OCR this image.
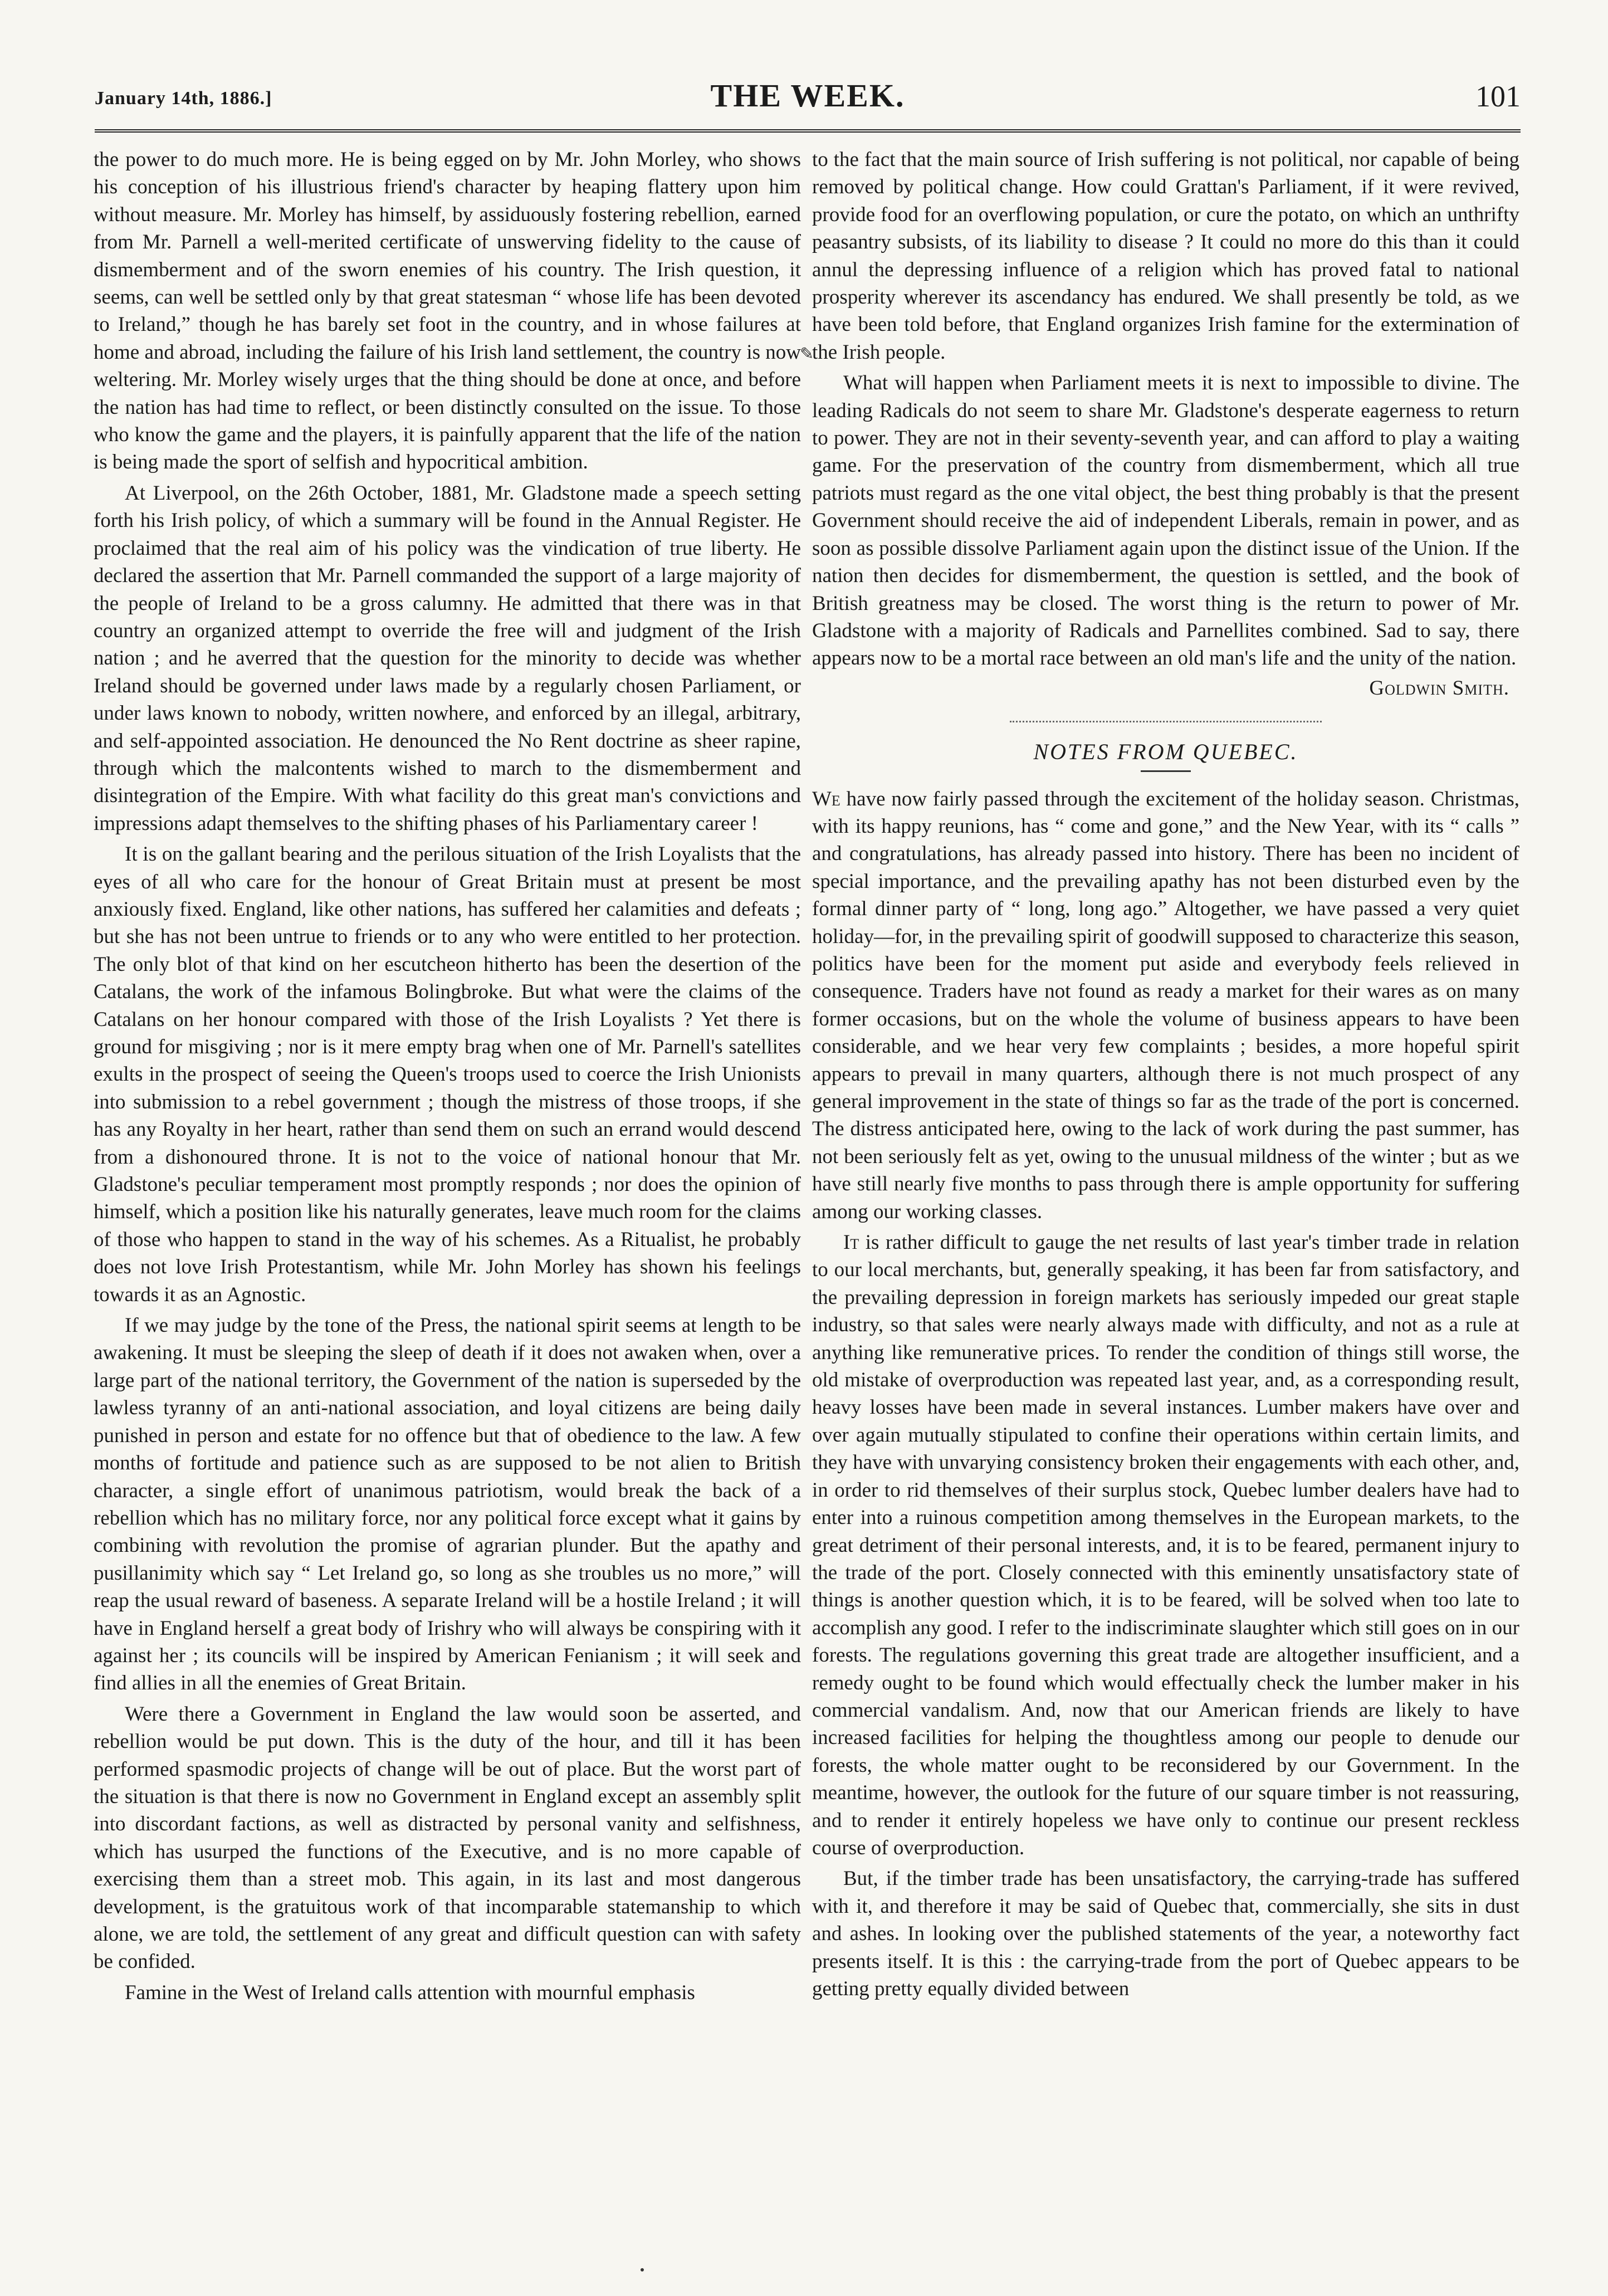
January 14th, 1886.]	THE WEEK.	101

the power to do much more. He is being egged on by Mr. John Morley, who shows his conception of his illustrious friend's character by heaping flattery upon him without measure. Mr. Morley has himself, by assiduously fostering rebellion, earned from Mr. Parnell a well-merited certificate of unswerving fidelity to the cause of dismemberment and of the sworn enemies of his country. The Irish question, it seems, can well be settled only by that great statesman “ whose life has been devoted to Ireland,” though he has barely set foot in the country, and in whose failures at home and abroad, including the failure of his Irish land settlement, the country is now weltering. Mr. Morley wisely urges that the thing should be done at once, and before the nation has had time to reflect, or been distinctly consulted on the issue. To those who know the game and the players, it is painfully apparent that the life of the nation is being made the sport of selfish and hypocritical ambition.

At Liverpool, on the 26th October, 1881, Mr. Gladstone made a speech setting forth his Irish policy, of which a summary will be found in the Annual Register. He proclaimed that the real aim of his policy was the vindication of true liberty. He declared the assertion that Mr. Parnell commanded the support of a large majority of the people of Ireland to be a gross calumny. He admitted that there was in that country an organized attempt to override the free will and judgment of the Irish nation ; and he averred that the question for the minority to decide was whether Ireland should be governed under laws made by a regularly chosen Parliament, or under laws known to nobody, written nowhere, and enforced by an illegal, arbitrary, and self-appointed association. He denounced the No Rent doctrine as sheer rapine, through which the malcontents wished to march to the dismemberment and disintegration of the Empire. With what facility do this great man's convictions and impressions adapt themselves to the shifting phases of his Parliamentary career !

It is on the gallant bearing and the perilous situation of the Irish Loyalists that the eyes of all who care for the honour of Great Britain must at present be most anxiously fixed. England, like other nations, has suffered her calamities and defeats ; but she has not been untrue to friends or to any who were entitled to her protection. The only blot of that kind on her escutcheon hitherto has been the desertion of the Catalans, the work of the infamous Bolingbroke. But what were the claims of the Catalans on her honour compared with those of the Irish Loyalists ? Yet there is ground for misgiving ; nor is it mere empty brag when one of Mr. Parnell's satellites exults in the prospect of seeing the Queen's troops used to coerce the Irish Unionists into submission to a rebel government ; though the mistress of those troops, if she has any Royalty in her heart, rather than send them on such an errand would descend from a dishonoured throne. It is not to the voice of national honour that Mr. Gladstone's peculiar temperament most promptly responds ; nor does the opinion of himself, which a position like his naturally generates, leave much room for the claims of those who happen to stand in the way of his schemes. As a Ritualist, he probably does not love Irish Protestantism, while Mr. John Morley has shown his feelings towards it as an Agnostic.

If we may judge by the tone of the Press, the national spirit seems at length to be awakening. It must be sleeping the sleep of death if it does not awaken when, over a large part of the national territory, the Government of the nation is superseded by the lawless tyranny of an anti-national association, and loyal citizens are being daily punished in person and estate for no offence but that of obedience to the law. A few months of fortitude and patience such as are supposed to be not alien to British character, a single effort of unanimous patriotism, would break the back of a rebellion which has no military force, nor any political force except what it gains by combining with revolution the promise of agrarian plunder. But the apathy and pusillanimity which say “ Let Ireland go, so long as she troubles us no more,” will reap the usual reward of baseness. A separate Ireland will be a hostile Ireland ; it will have in England herself a great body of Irishry who will always be conspiring with it against her ; its councils will be inspired by American Fenianism ; it will seek and find allies in all the enemies of Great Britain.

Were there a Government in England the law would soon be asserted, and rebellion would be put down. This is the duty of the hour, and till it has been performed spasmodic projects of change will be out of place. But the worst part of the situation is that there is now no Government in England except an assembly split into discordant factions, as well as distracted by personal vanity and selfishness, which has usurped the functions of the Executive, and is no more capable of exercising them than a street mob. This again, in its last and most dangerous development, is the gratuitous work of that incomparable statemanship to which alone, we are told, the settlement of any great and difficult question can with safety be confided.

Famine in the West of Ireland calls attention with mournful emphasis

✎

to the fact that the main source of Irish suffering is not political, nor capable of being removed by political change. How could Grattan's Parliament, if it were revived, provide food for an overflowing population, or cure the potato, on which an unthrifty peasantry subsists, of its liability to disease ? It could no more do this than it could annul the depressing influence of a religion which has proved fatal to national prosperity wherever its ascendancy has endured. We shall presently be told, as we have been told before, that England organizes Irish famine for the extermination of the Irish people.

What will happen when Parliament meets it is next to impossible to divine. The leading Radicals do not seem to share Mr. Gladstone's desperate eagerness to return to power. They are not in their seventy-seventh year, and can afford to play a waiting game. For the preservation of the country from dismemberment, which all true patriots must regard as the one vital object, the best thing probably is that the present Government should receive the aid of independent Liberals, remain in power, and as soon as possible dissolve Parliament again upon the distinct issue of the Union. If the nation then decides for dismemberment, the question is settled, and the book of British greatness may be closed. The worst thing is the return to power of Mr. Gladstone with a majority of Radicals and Parnellites combined. Sad to say, there appears now to be a mortal race between an old man's life and the unity of the nation.

Goldwin Smith.
NOTES FROM QUEBEC.

We have now fairly passed through the excitement of the holiday season. Christmas, with its happy reunions, has “ come and gone,” and the New Year, with its “ calls ” and congratulations, has already passed into history. There has been no incident of special importance, and the prevailing apathy has not been disturbed even by the formal dinner party of “ long, long ago.” Altogether, we have passed a very quiet holiday—for, in the prevailing spirit of goodwill supposed to characterize this season, politics have been for the moment put aside and everybody feels relieved in consequence. Traders have not found as ready a market for their wares as on many former occasions, but on the whole the volume of business appears to have been considerable, and we hear very few complaints ; besides, a more hopeful spirit appears to prevail in many quarters, although there is not much prospect of any general improvement in the state of things so far as the trade of the port is concerned. The distress anticipated here, owing to the lack of work during the past summer, has not been seriously felt as yet, owing to the unusual mildness of the winter ; but as we have still nearly five months to pass through there is ample opportunity for suffering among our working classes.

It is rather difficult to gauge the net results of last year's timber trade in relation to our local merchants, but, generally speaking, it has been far from satisfactory, and the prevailing depression in foreign markets has seriously impeded our great staple industry, so that sales were nearly always made with difficulty, and not as a rule at anything like remunerative prices. To render the condition of things still worse, the old mistake of overproduction was repeated last year, and, as a corresponding result, heavy losses have been made in several instances. Lumber makers have over and over again mutually stipulated to confine their operations within certain limits, and they have with unvarying consistency broken their engagements with each other, and, in order to rid themselves of their surplus stock, Quebec lumber dealers have had to enter into a ruinous competition among themselves in the European markets, to the great detriment of their personal interests, and, it is to be feared, permanent injury to the trade of the port. Closely connected with this eminently unsatisfactory state of things is another question which, it is to be feared, will be solved when too late to accomplish any good. I refer to the indiscriminate slaughter which still goes on in our forests. The regulations governing this great trade are altogether insufficient, and a remedy ought to be found which would effectually check the lumber maker in his commercial vandalism. And, now that our American friends are likely to have increased facilities for helping the thoughtless among our people to denude our forests, the whole matter ought to be reconsidered by our Government. In the meantime, however, the outlook for the future of our square timber is not reassuring, and to render it entirely hopeless we have only to continue our present reckless course of overproduction.

But, if the timber trade has been unsatisfactory, the carrying-trade has suffered with it, and therefore it may be said of Quebec that, commercially, she sits in dust and ashes. In looking over the published statements of the year, a noteworthy fact presents itself. It is this : the carrying-trade from the port of Quebec appears to be getting pretty equally divided between
